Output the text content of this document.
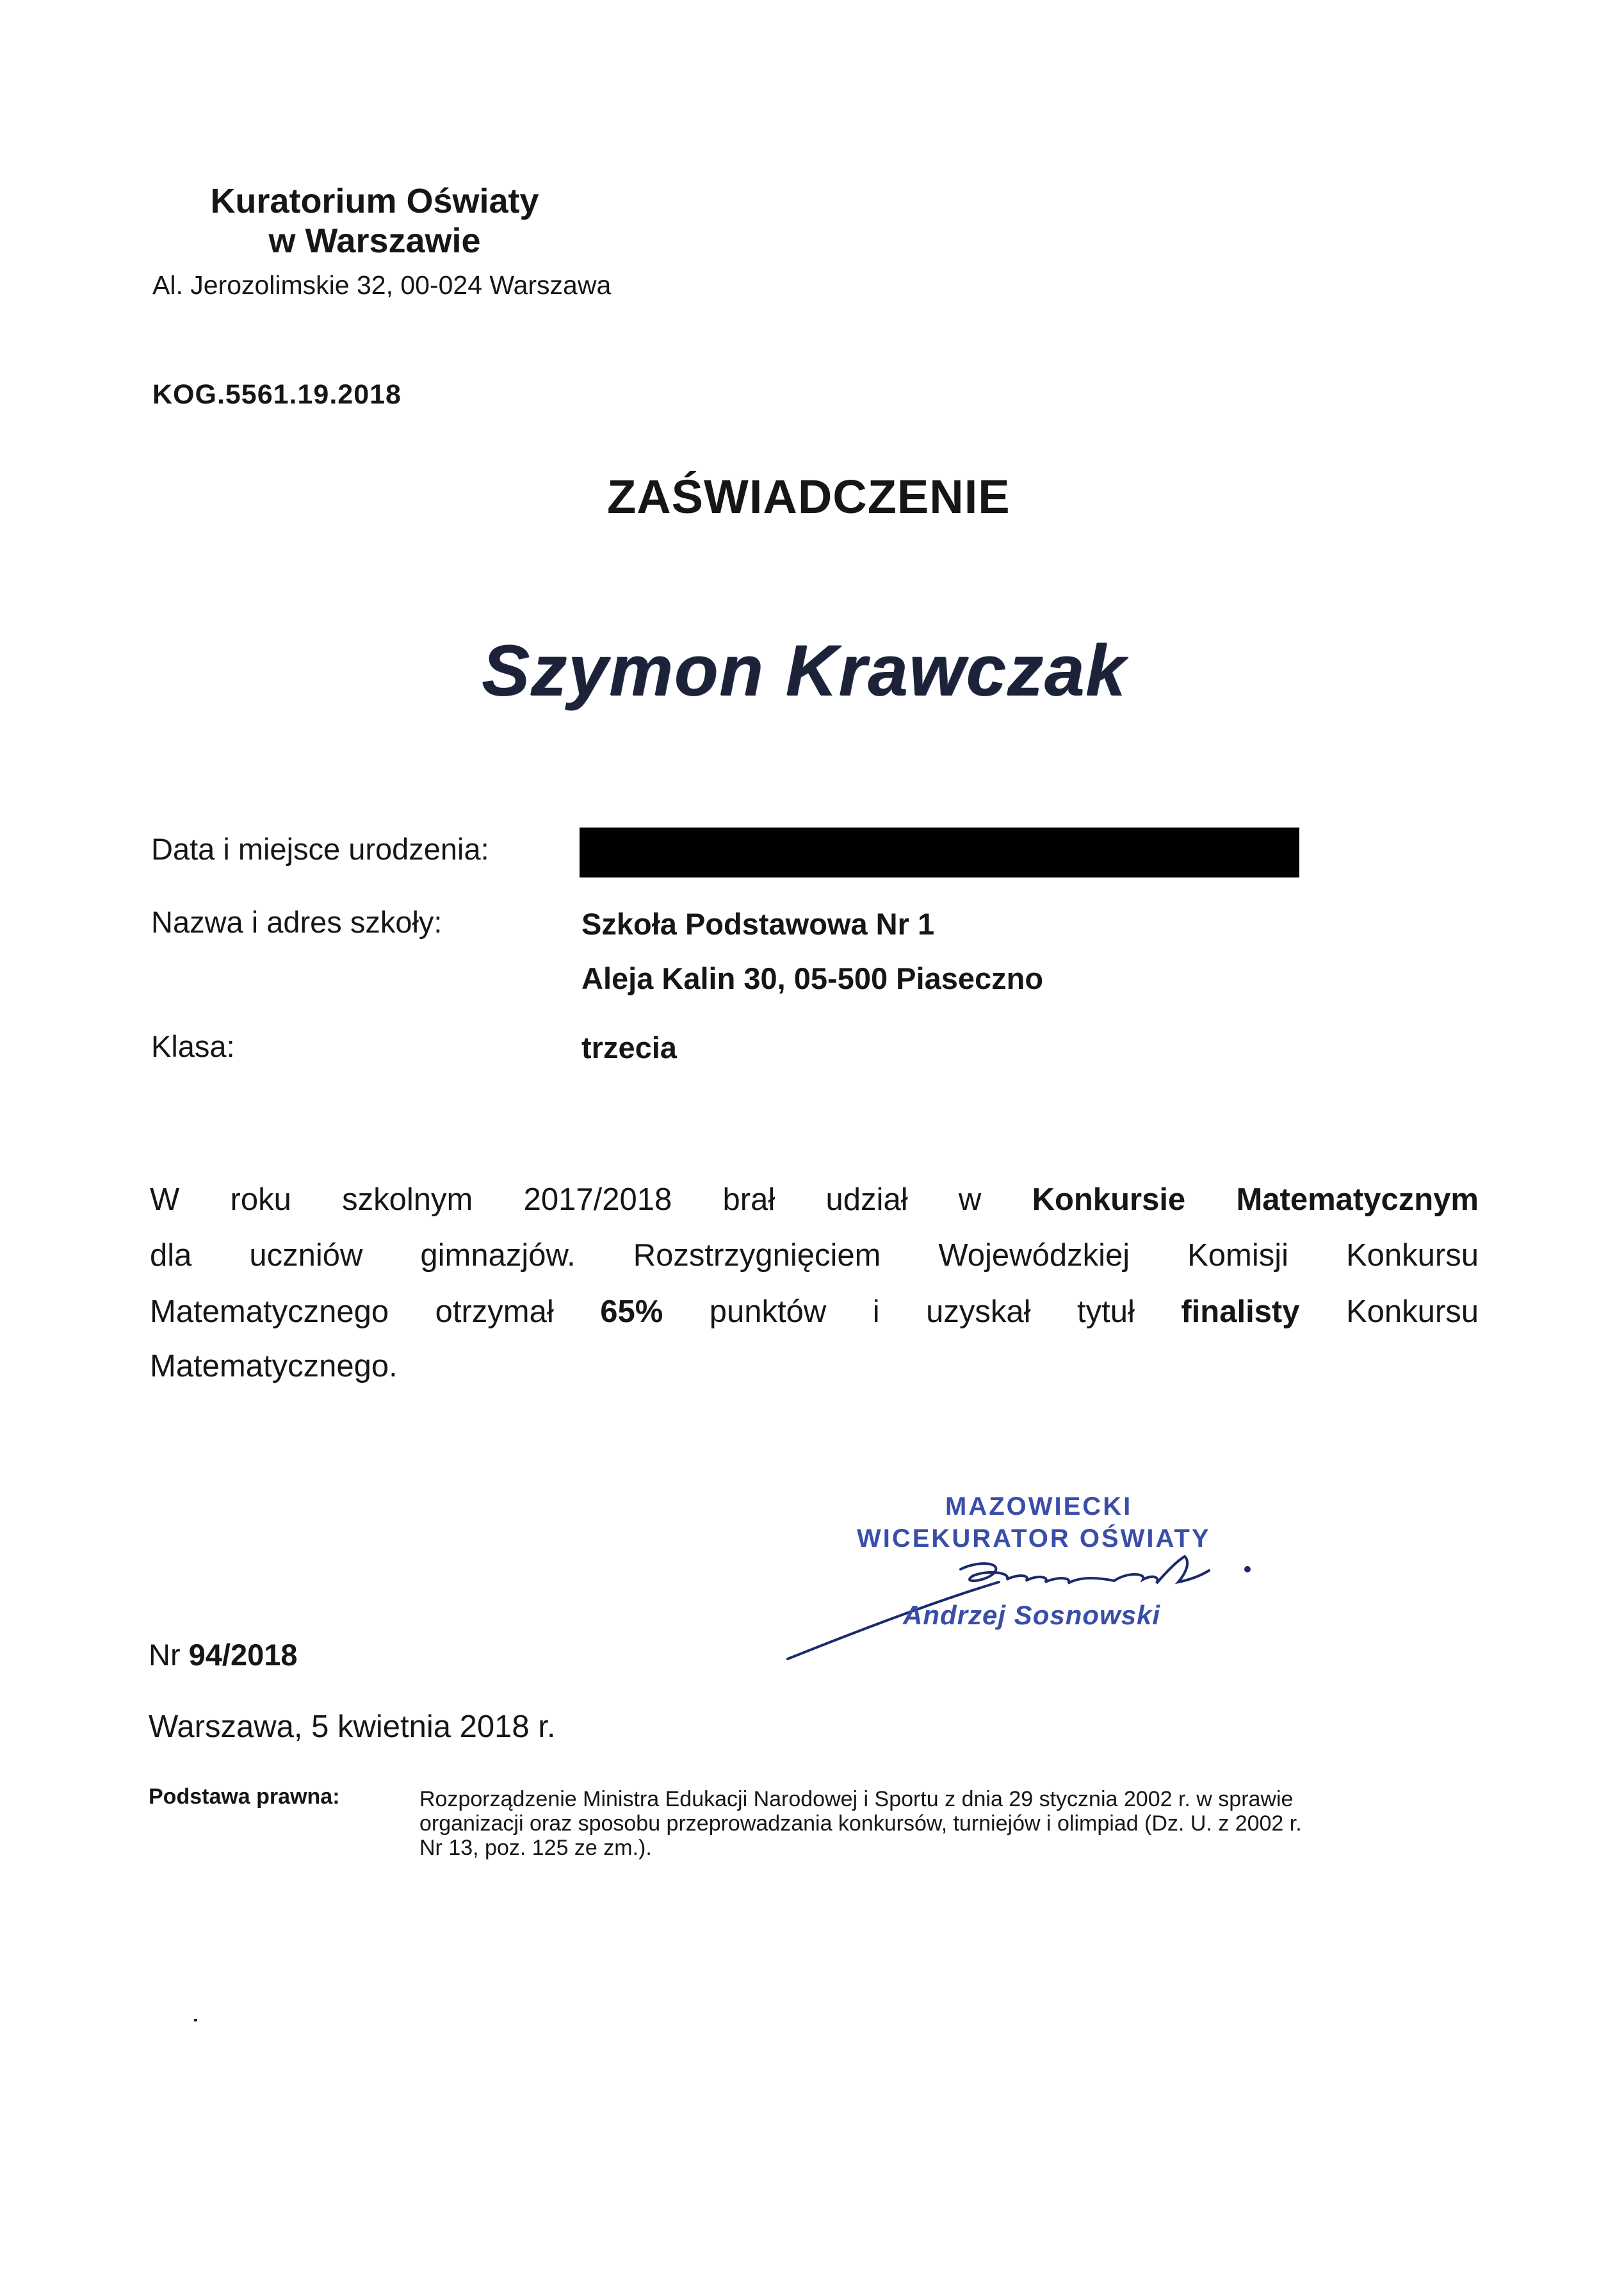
Kuratorium Oświaty
w Warszawie
Al. Jerozolimskie 32, 00-024 Warszawa
KOG.5561.19.2018
ZAŚWIADCZENIE
Szymon Krawczak
Data i miejsce urodzenia:
Nazwa i adres szkoły:	Szkoła Podstawowa Nr 1
Aleja Kalin 30, 05-500 Piaseczno
Klasa:	trzecia
W roku szkolnym 2017/2018 brał udział w Konkursie Matematycznym
dla uczniów gimnazjów. Rozstrzygnięciem Wojewódzkiej Komisji Konkursu
Matematycznego otrzymał 65% punktów i uzyskał tytuł finalisty Konkursu
Matematycznego.
MAZOWIECKI
WICEKURATOR OŚWIATY
Andrzej Sosnowski
Nr 94/2018
Warszawa, 5 kwietnia 2018 r.
Podstawa prawna:	Rozporządzenie Ministra Edukacji Narodowej i Sportu z dnia 29 stycznia 2002 r. w sprawie organizacji oraz sposobu przeprowadzania konkursów, turniejów i olimpiad (Dz. U. z 2002 r. Nr 13, poz. 125 ze zm.).
